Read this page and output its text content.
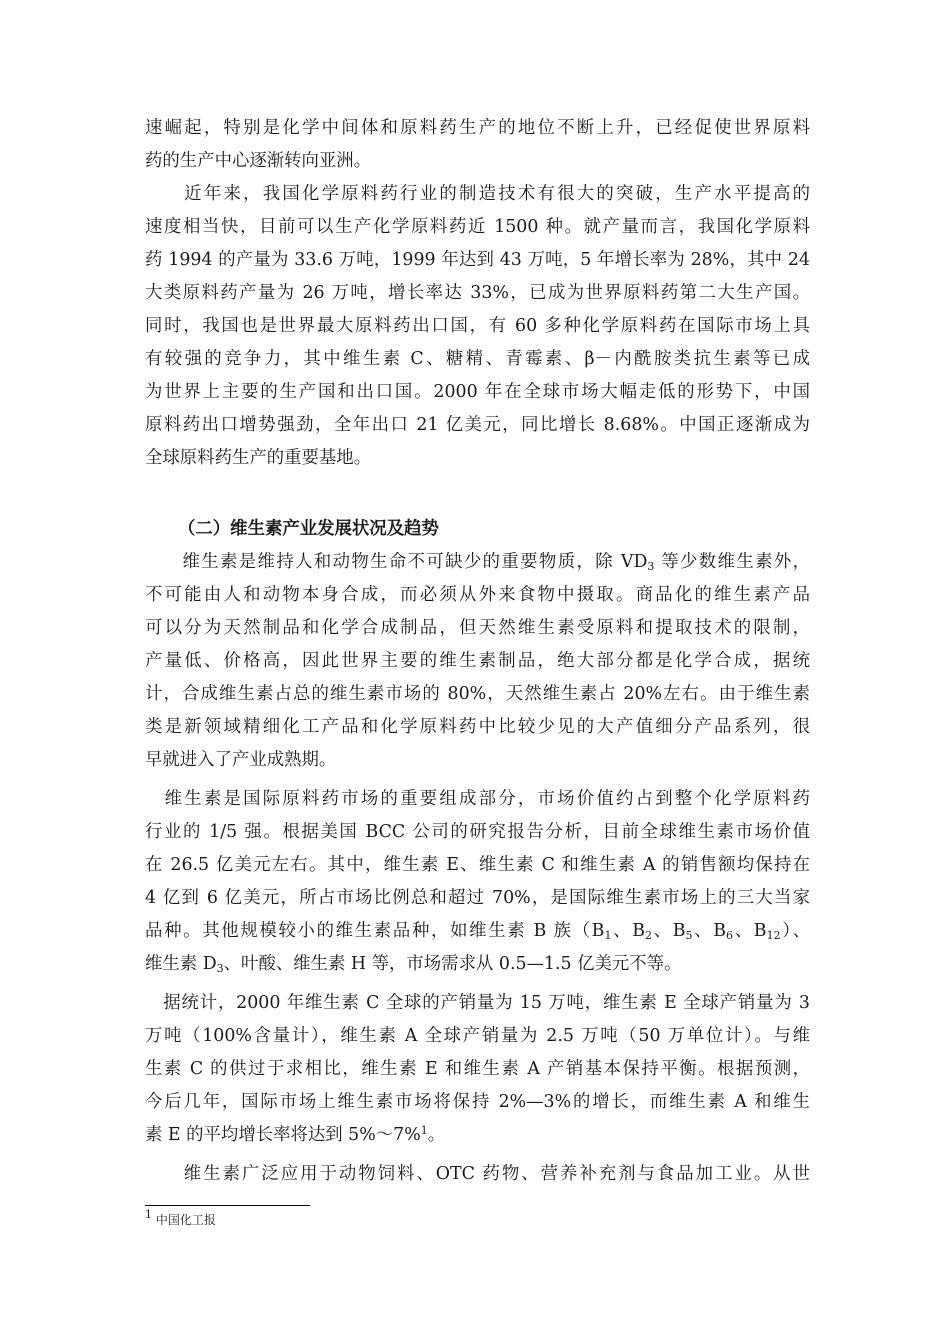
速崛起，特别是化学中间体和原料药生产的地位不断上升，已经促使世界原料
药的生产中心逐渐转向亚洲。
　　近年来，我国化学原料药行业的制造技术有很大的突破，生产水平提高的
速度相当快，目前可以生产化学原料药近 1500 种。就产量而言，我国化学原料
药 1994 的产量为 33.6 万吨，1999 年达到 43 万吨，5 年增长率为 28%，其中 24
大类原料药产量为 26 万吨，增长率达 33%，已成为世界原料药第二大生产国。
同时，我国也是世界最大原料药出口国，有 60 多种化学原料药在国际市场上具
有较强的竞争力，其中维生素 C、糖精、青霉素、β－内酰胺类抗生素等已成
为世界上主要的生产国和出口国。2000 年在全球市场大幅走低的形势下，中国
原料药出口增势强劲，全年出口 21 亿美元，同比增长 8.68%。中国正逐渐成为
全球原料药生产的重要基地。
（二）维生素产业发展状况及趋势
　　维生素是维持人和动物生命不可缺少的重要物质，除 $VD_3$ 等少数维生素外，
不可能由人和动物本身合成，而必须从外来食物中摄取。商品化的维生素产品
可以分为天然制品和化学合成制品，但天然维生素受原料和提取技术的限制，
产量低、价格高，因此世界主要的维生素制品，绝大部分都是化学合成，据统
计，合成维生素占总的维生素市场的 80%，天然维生素占 20%左右。由于维生素
类是新领域精细化工产品和化学原料药中比较少见的大产值细分产品系列，很
早就进入了产业成熟期。
　维生素是国际原料药市场的重要组成部分，市场价值约占到整个化学原料药
行业的 1/5 强。根据美国 BCC 公司的研究报告分析，目前全球维生素市场价值
在 26.5 亿美元左右。其中，维生素 E、维生素 C 和维生素 A 的销售额均保持在
4 亿到 6 亿美元，所占市场比例总和超过 70%，是国际维生素市场上的三大当家
品种。其他规模较小的维生素品种，如维生素 B 族（$B_1$、$B_2$、$B_5$、$B_6$、$B_{12}$）、
维生素 $D_3$、叶酸、维生素 H 等，市场需求从 0.5—1.5 亿美元不等。
　据统计，2000 年维生素 C 全球的产销量为 15 万吨，维生素 E 全球产销量为 3
万吨（100%含量计），维生素 A 全球产销量为 2.5 万吨（50 万单位计）。与维
生素 C 的供过于求相比，维生素 E 和维生素 A 产销基本保持平衡。根据预测，
今后几年，国际市场上维生素市场将保持 2%—3%的增长，而维生素 A 和维生
素 E 的平均增长率将达到 5%～7%$^1$。
　　维生素广泛应用于动物饲料、OTC 药物、营养补充剂与食品加工业。从世
$^1$ 中国化工报
